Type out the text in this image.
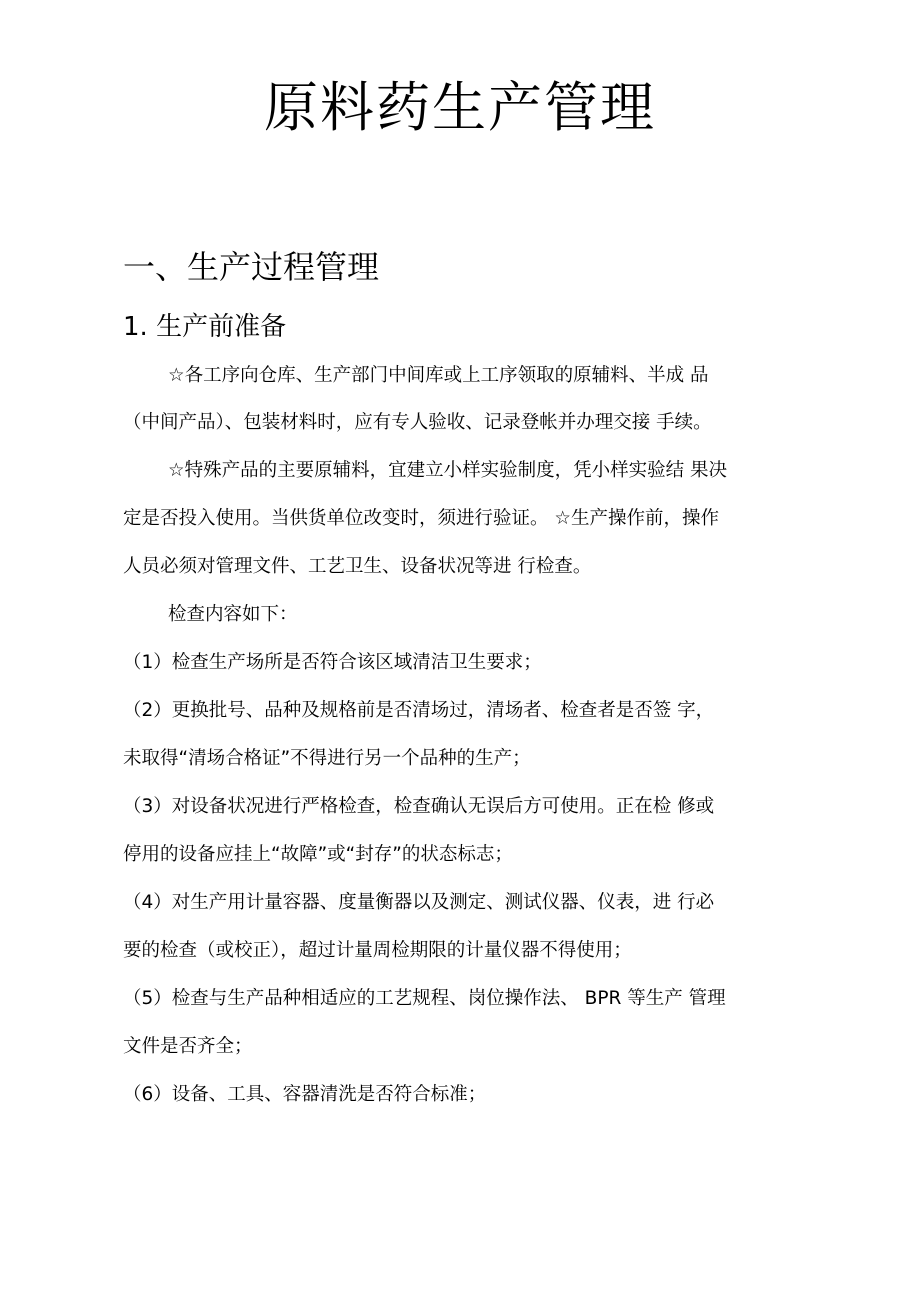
原料药生产管理
一、生产过程管理
1. 生产前准备
☆各工序向仓库、生产部门中间库或上工序领取的原辅料、半成 品
（中间产品）、包装材料时，应有专人验收、记录登帐并办理交接 手续。
☆特殊产品的主要原辅料，宜建立小样实验制度，凭小样实验结 果决
定是否投入使用。当供货单位改变时，须进行验证。 ☆生产操作前，操作
人员必须对管理文件、工艺卫生、设备状况等进 行检查。
检查内容如下：
（1）检查生产场所是否符合该区域清洁卫生要求；
（2）更换批号、品种及规格前是否清场过，清场者、检查者是否签 字，
未取得“清场合格证”不得进行另一个品种的生产；
（3）对设备状况进行严格检查，检查确认无误后方可使用。正在检 修或
停用的设备应挂上“故障”或“封存”的状态标志；
（4）对生产用计量容器、度量衡器以及测定、测试仪器、仪表，进 行必
要的检查（或校正），超过计量周检期限的计量仪器不得使用；
（5）检查与生产品种相适应的工艺规程、岗位操作法、 BPR 等生产 管理
文件是否齐全；
（6）设备、工具、容器清洗是否符合标准；
